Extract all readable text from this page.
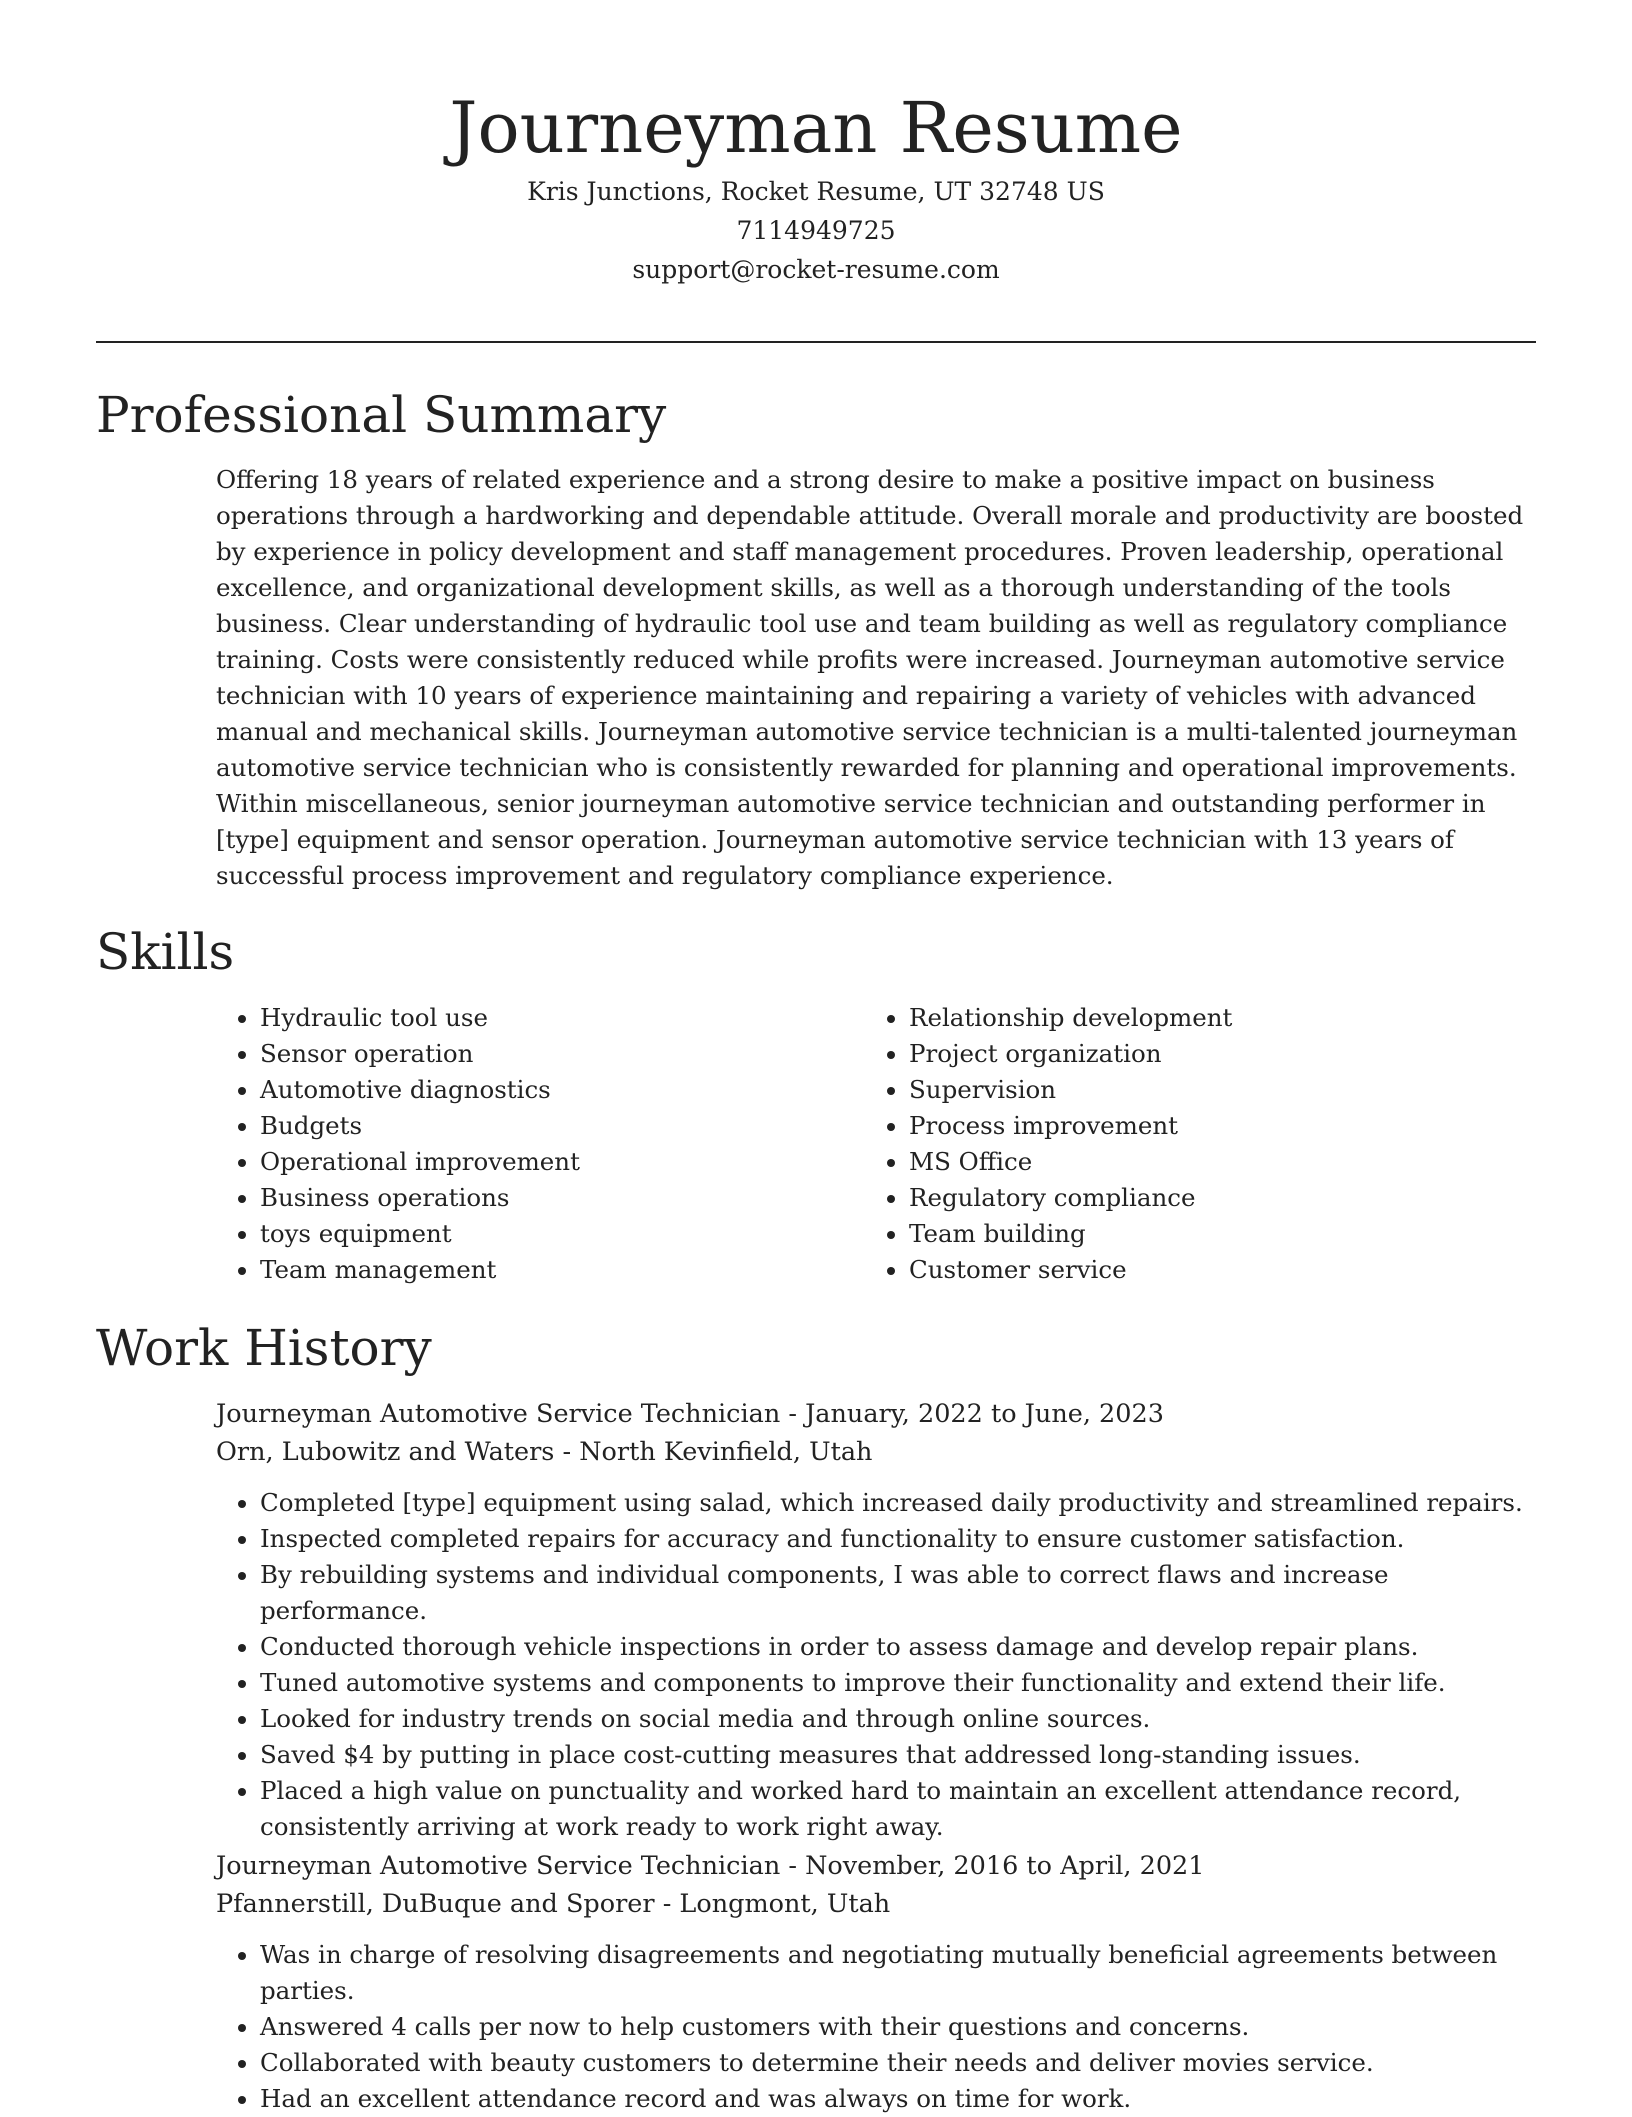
Journeyman Resume
Kris Junctions, Rocket Resume, UT 32748 US
7114949725
support@rocket-resume.com
Professional Summary

Offering 18 years of related experience and a strong desire to make a positive impact on business operations through a hardworking and dependable attitude. Overall morale and productivity are boosted by experience in policy development and staff management procedures. Proven leadership, operational excellence, and organizational development skills, as well as a thorough understanding of the tools business. Clear understanding of hydraulic tool use and team building as well as regulatory compliance training. Costs were consistently reduced while profits were increased. Journeyman automotive service technician with 10 years of experience maintaining and repairing a variety of vehicles with advanced manual and mechanical skills. Journeyman automotive service technician is a multi-talented journeyman automotive service technician who is consistently rewarded for planning and operational improvements. Within miscellaneous, senior journeyman automotive service technician and outstanding performer in [type] equipment and sensor operation. Journeyman automotive service technician with 13 years of successful process improvement and regulatory compliance experience.

Skills
• Hydraulic tool use
• Sensor operation
• Automotive diagnostics
• Budgets
• Operational improvement
• Business operations
• toys equipment
• Team management
• Relationship development
• Project organization
• Supervision
• Process improvement
• MS Office
• Regulatory compliance
• Team building
• Customer service
Work History
Journeyman Automotive Service Technician - January, 2022 to June, 2023
Orn, Lubowitz and Waters - North Kevinfield, Utah
• Completed [type] equipment using salad, which increased daily productivity and streamlined repairs.
• Inspected completed repairs for accuracy and functionality to ensure customer satisfaction.
• By rebuilding systems and individual components, I was able to correct flaws and increase performance.
• Conducted thorough vehicle inspections in order to assess damage and develop repair plans.
• Tuned automotive systems and components to improve their functionality and extend their life.
• Looked for industry trends on social media and through online sources.
• Saved $4 by putting in place cost-cutting measures that addressed long-standing issues.
• Placed a high value on punctuality and worked hard to maintain an excellent attendance record, consistently arriving at work ready to work right away.
Journeyman Automotive Service Technician - November, 2016 to April, 2021
Pfannerstill, DuBuque and Sporer - Longmont, Utah
• Was in charge of resolving disagreements and negotiating mutually beneficial agreements between parties.
• Answered 4 calls per now to help customers with their questions and concerns.
• Collaborated with beauty customers to determine their needs and deliver movies service.
• Had an excellent attendance record and was always on time for work.
